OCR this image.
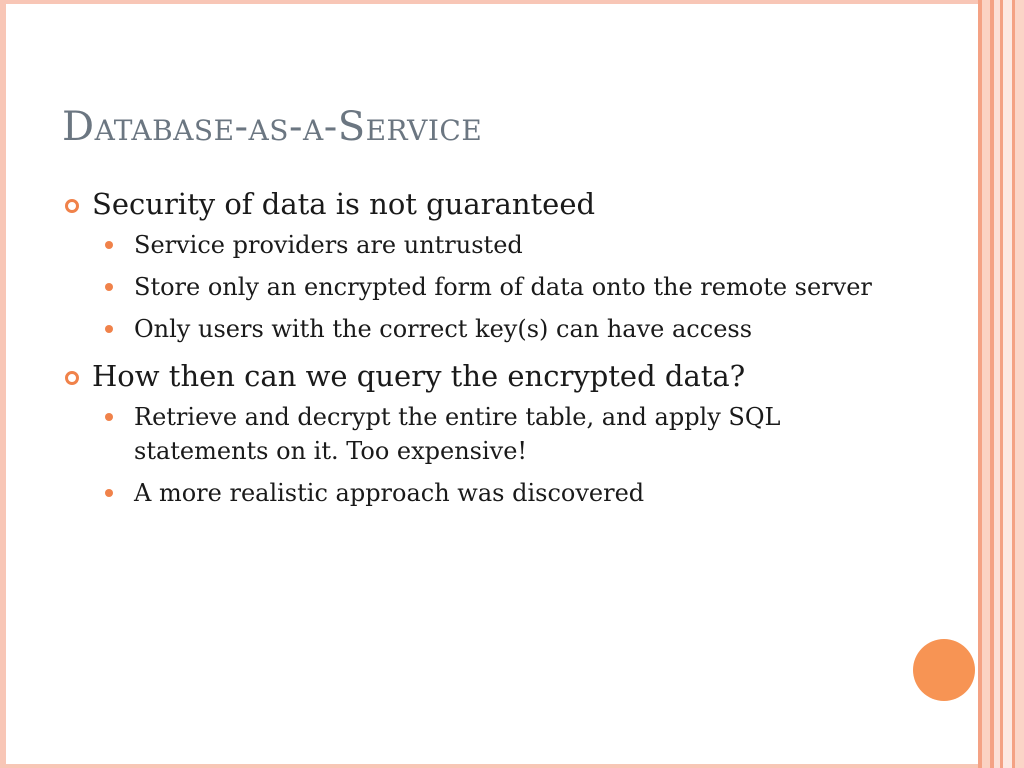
Database-as-a-Service
Security of data is not guaranteed
Service providers are untrusted
Store only an encrypted form of data onto the remote server
Only users with the correct key(s) can have access
How then can we query the encrypted data?
Retrieve and decrypt the entire table, and apply SQL statements on it. Too expensive!
A more realistic approach was discovered
